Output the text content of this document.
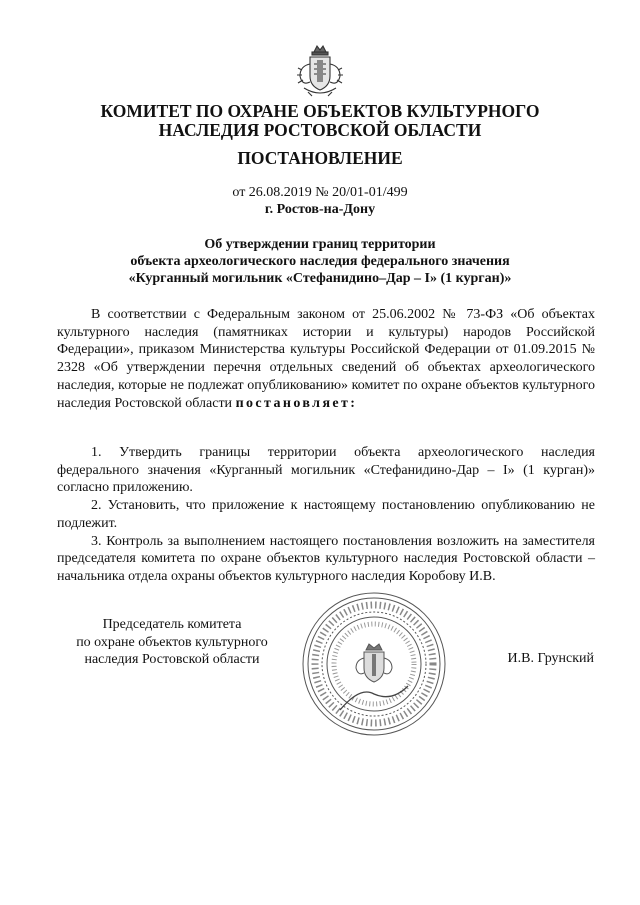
КОМИТЕТ ПО ОХРАНЕ ОБЪЕКТОВ КУЛЬТУРНОГО
НАСЛЕДИЯ РОСТОВСКОЙ ОБЛАСТИ
ПОСТАНОВЛЕНИЕ
от 26.08.2019 № 20/01-01/499
г. Ростов-на-Дону
Об утверждении границ территории
объекта археологического наследия федерального значения
«Курганный могильник «Стефанидино–Дар – I» (1 курган)»
В соответствии с Федеральным законом от 25.06.2002 № 73-ФЗ «Об объектах культурного наследия (памятниках истории и культуры) народов Российской Федерации», приказом Министерства культуры Российской Федерации от 01.09.2015 № 2328 «Об утверждении перечня отдельных сведений об объектах археологического наследия, которые не подлежат опубликованию» комитет по охране объектов культурного наследия Ростовской области постановляет:
1. Утвердить границы территории объекта археологического наследия федерального значения «Курганный могильник «Стефанидино-Дар – I» (1 курган)» согласно приложению.
2. Установить, что приложение к настоящему постановлению опубликованию не подлежит.
3. Контроль за выполнением настоящего постановления возложить на заместителя председателя комитета по охране объектов культурного наследия Ростовской области – начальника отдела охраны объектов культурного наследия Коробову И.В.
Председатель комитета
по охране объектов культурного
наследия Ростовской области	И.В. Грунский
